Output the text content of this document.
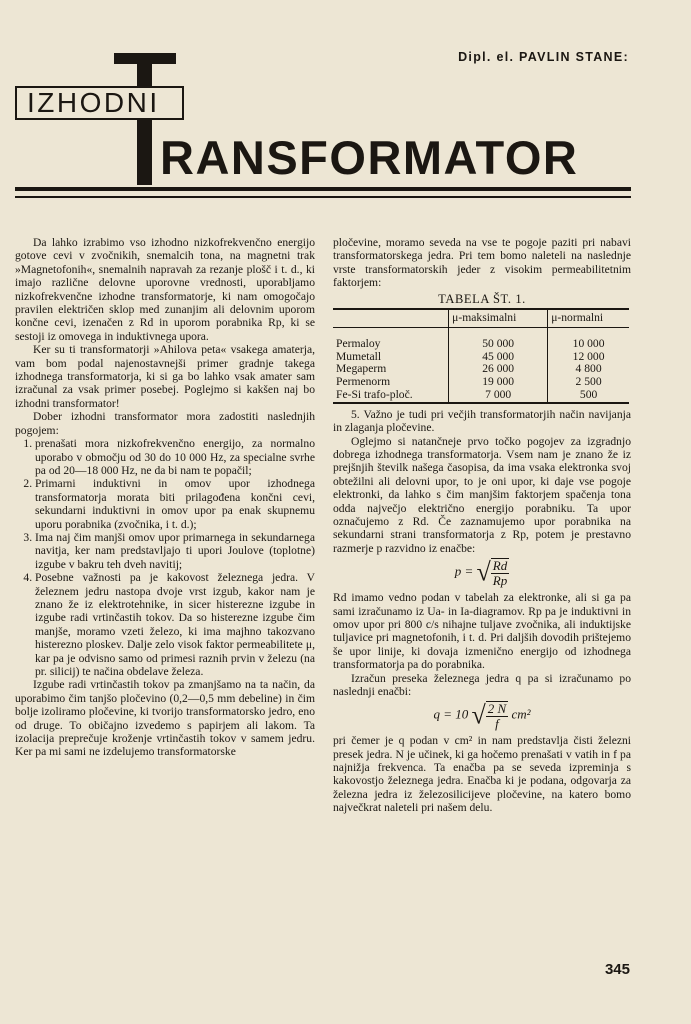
Dipl. el. PAVLIN STANE:
IZHODNI
RANSFORMATOR

Da lahko izrabimo vso izhodno nizkofrekvenčno energijo gotove cevi v zvočnikih, snemalcih tona, na magnetni trak »Magnetofonih«, snemalnih napravah za rezanje plošč i t. d., ki imajo različne delovne uporovne vrednosti, uporabljamo nizkofrekvenčne izhodne transformatorje, ki nam omogočajo pravilen električen sklop med zunanjim ali delovnim uporom končne cevi, izenačen z Rd in uporom porabnika Rp, ki se sestoji iz omovega in induktivnega upora.

Ker su ti transformatorji »Ahilova peta« vsakega amaterja, vam bom podal najenostavnejši primer gradnje takega izhodnega transformatorja, ki si ga bo lahko vsak amater sam izračunal za vsak primer posebej. Poglejmo si kakšen naj bo izhodni transformator!

Dober izhodni transformator mora zadostiti naslednjih pogojem:

1. prenašati mora nizkofrekvenčno energijo, za normalno uporabo v območju od 30 do 10 000 Hz, za specialne svrhe pa od 20—18 000 Hz, ne da bi nam te popačil;
2. Primarni induktivni in omov upor izhodnega transformatorja morata biti prilagođena končni cevi, sekundarni induktivni in omov upor pa enak skupnemu uporu porabnika (zvočnika, i t. d.);
3. Ima naj čim manjši omov upor primarnega in sekundarnega navitja, ker nam predstavljajo ti upori Joulove (toplotne) izgube v bakru teh dveh navitij;
4. Posebne važnosti pa je kakovost železnega jedra. V železnem jedru nastopa dvoje vrst izgub, kakor nam je znano že iz elektrotehnike, in sicer histerezne izgube in izgube radi vrtinčastih tokov. Da so histerezne izgube čim manjše, moramo vzeti železo, ki ima majhno takozvano histerezno ploskev. Dalje zelo visok faktor permeabilitete μ, kar pa je odvisno samo od primesi raznih prvin v železu (na pr. silicij) te načina obdelave železa.

Izgube radi vrtinčastih tokov pa zmanjšamo na ta način, da uporabimo čim tanjšo pločevino (0,2—0,5 mm debeline) in čim bolje izoliramo pločevine, ki tvorijo transformatorsko jedro, eno od druge. To običajno izvedemo s papirjem ali lakom. Ta izolacija preprečuje kroženje vrtinčastih tokov v samem jedru. Ker pa mi sami ne izdelujemo transformatorske

pločevine, moramo seveda na vse te pogoje paziti pri nabavi transformatorskega jedra. Pri tem bomo naleteli na naslednje vrste transformatorskih jeder z visokim permeabilitetnim faktorjem:

TABELA ŠT. 1.
	μ-maksimalni	μ-normalni

Permaloy	50 000	10 000
Mumetall	45 000	12 000
Megaperm	26 000	4 800
Permenorm	19 000	2 500
Fe-Si trafo-ploč.	7 000	500

5. Važno je tudi pri večjih transformatorjih način navijanja in zlaganja pločevine.

Oglejmo si natančneje prvo točko pogojev za izgradnjo dobrega izhodnega transformatorja. Vsem nam je znano že iz prejšnjih številk našega časopisa, da ima vsaka elektronka svoj obtežilni ali delovni upor, to je oni upor, ki daje vse pogoje elektronki, da lahko s čim manjšim faktorjem spačenja tona odda največjo električno energijo porabniku. Ta upor označujemo z Rd. Če zaznamujemo upor porabnika na sekundarni strani transformatorja z Rp, potem je prestavno razmerje p razvidno iz enačbe:

p = √ $\frac{Rd}{Rp}$

Rd imamo vedno podan v tabelah za elektronke, ali si ga pa sami izračunamo iz Ua- in Ia-diagramov. Rp pa je induktivni in omov upor pri 800 c/s nihajne tuljave zvočnika, ali induktijske tuljavice pri magnetofonih, i t. d. Pri daljših dovodih prištejemo še upor linije, ki dovaja izmenično energijo od izhodnega transformatorja pa do porabnika.

Izračun preseka železnega jedra q pa si izračunamo po naslednji enačbi:

q = 10 √ $\frac{2 N}{f} cm^2$

pri čemer je q podan v cm² in nam predstavlja čisti železni presek jedra. N je učinek, ki ga hočemo prenašati v vatih in f pa najnižja frekvenca. Ta enačba pa se seveda izpreminja s kakovostjo železnega jedra. Enačba ki je podana, odgovarja za železna jedra iz železosilicijeve pločevine, na katero bomo največkrat naleteli pri našem delu.

345
